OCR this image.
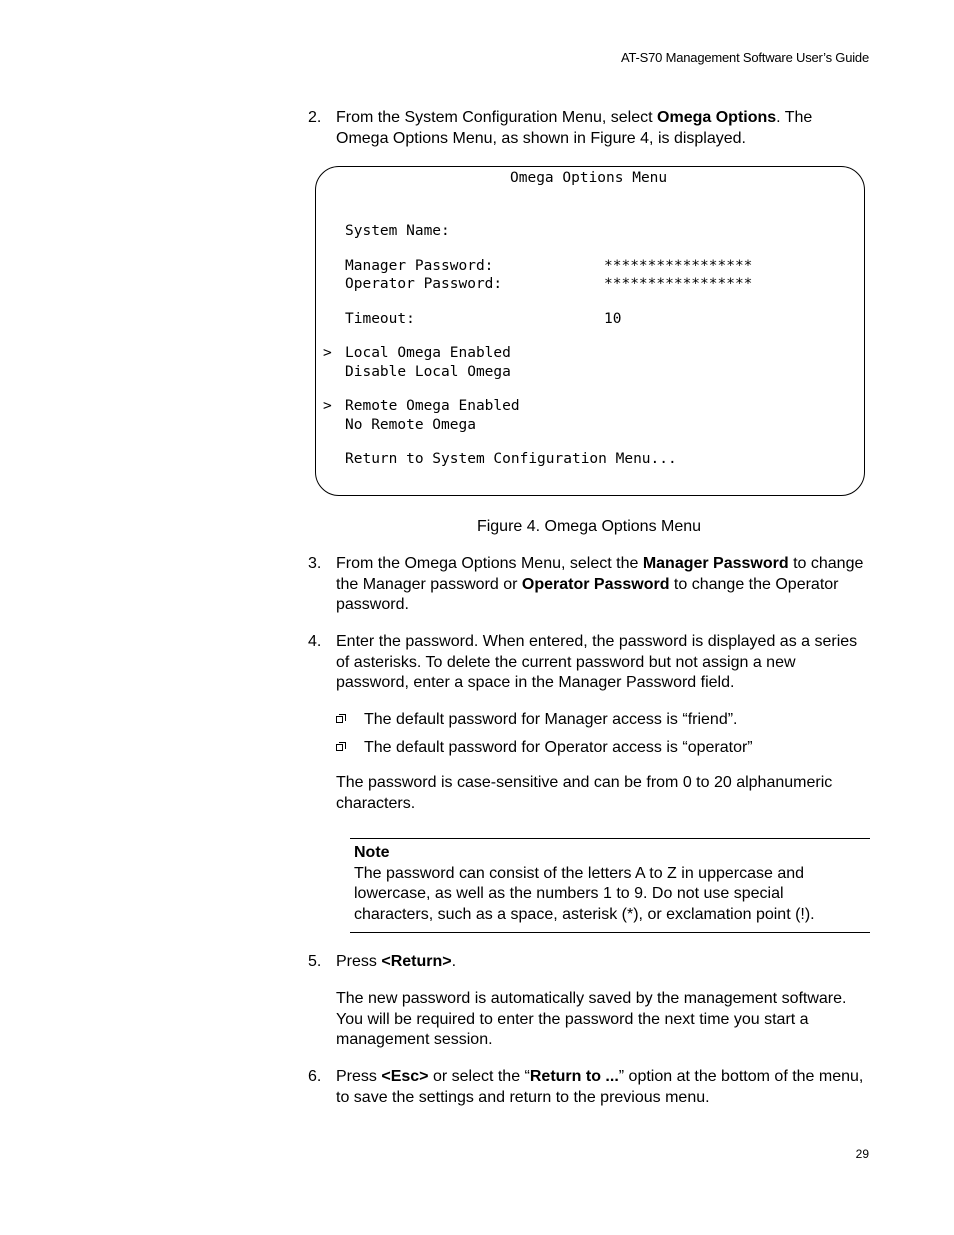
AT-S70 Management Software User’s Guide
2. From the System Configuration Menu, select Omega Options. The Omega Options Menu, as shown in Figure 4, is displayed.
Omega Options Menu
System Name:
Manager Password:	*****************
Operator Password:	*****************
Timeout:	10
> Local Omega Enabled
Disable Local Omega
> Remote Omega Enabled
No Remote Omega
Return to System Configuration Menu...
Figure 4. Omega Options Menu
3. From the Omega Options Menu, select the Manager Password to change the Manager password or Operator Password to change the Operator password.
4. Enter the password. When entered, the password is displayed as a series of asterisks. To delete the current password but not assign a new password, enter a space in the Manager Password field.
The default password for Manager access is “friend”.
The default password for Operator access is “operator”
The password is case-sensitive and can be from 0 to 20 alphanumeric characters.
Note
The password can consist of the letters A to Z in uppercase and lowercase, as well as the numbers 1 to 9. Do not use special characters, such as a space, asterisk (*), or exclamation point (!).
5. Press <Return>.
The new password is automatically saved by the management software. You will be required to enter the password the next time you start a management session.
6. Press <Esc> or select the “Return to ...” option at the bottom of the menu, to save the settings and return to the previous menu.
29
